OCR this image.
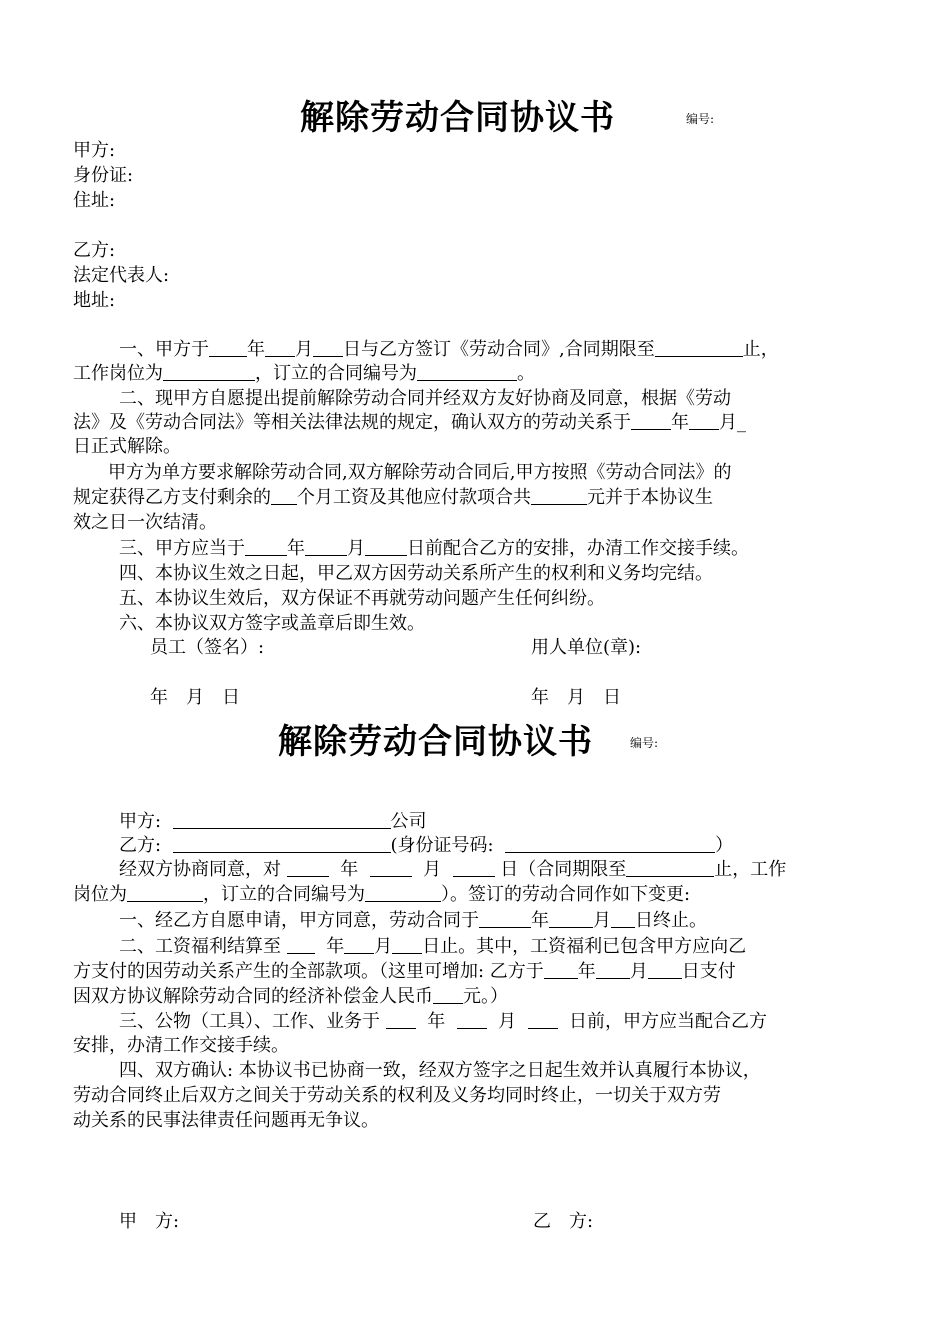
解除劳动合同协议书	编号:
甲方:
身份证:
住址:
乙方:
法定代表人:
地址:
一、甲方于 年 月 日与乙方签订《劳动合同》,合同期限至	止，
工作岗位为	，订立的合同编号为	。
二、现甲方自愿提出提前解除劳动合同并经双方友好协商及同意，根据《劳动
法》及《劳动合同法》等相关法律法规的规定，确认双方的劳动关系于 年 月_
日正式解除。
甲方为单方要求解除劳动合同,双方解除劳动合同后,甲方按照《劳动合同法》的
规定获得乙方支付剩余的 个月工资及其他应付款项合共	元并于本协议生
效之日一次结清。
三、甲方应当于 年 月 日前配合乙方的安排，办清工作交接手续。
四、本协议生效之日起，甲乙双方因劳动关系所产生的权利和义务均完结。
五、本协议生效后，双方保证不再就劳动问题产生任何纠纷。
六、本协议双方签字或盖章后即生效。
员工（签名）:	用人单位(章):
年　月　日	年　月　日
解除劳动合同协议书	编号:
甲方:	公司
乙方:	(身份证号码:	）
经双方协商同意，对	年	月	日（合同期限至	止，工作
岗位为	，订立的合同编号为	）。签订的劳动合同作如下变更:
一、经乙方自愿申请，甲方同意，劳动合同于	年 月 日终止。
二、工资福利结算至	年 月 日止。其中，工资福利已包含甲方应向乙
方支付的因劳动关系产生的全部款项。（这里可增加: 乙方于 年 月 日支付
因双方协议解除劳动合同的经济补偿金人民币 元。）
三、公物（工具）、工作、业务于	年	月	日前，甲方应当配合乙方
安排，办清工作交接手续。
四、双方确认: 本协议书已协商一致，经双方签字之日起生效并认真履行本协议，
劳动合同终止后双方之间关于劳动关系的权利及义务均同时终止，一切关于双方劳
动关系的民事法律责任问题再无争议。
甲　方:	乙　方:
